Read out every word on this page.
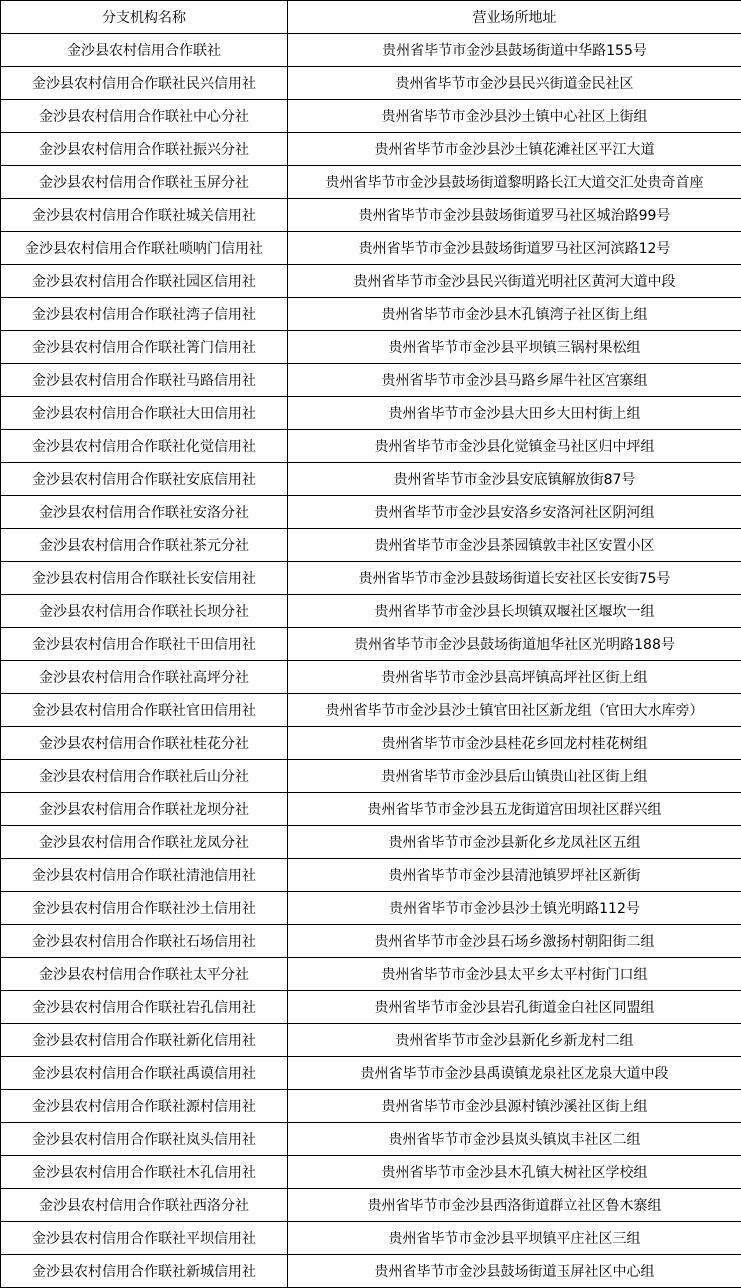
分支机构名称	营业场所地址
金沙县农村信用合作联社	贵州省毕节市金沙县鼓场街道中华路155号
金沙县农村信用合作联社民兴信用社	贵州省毕节市金沙县民兴街道金民社区
金沙县农村信用合作联社中心分社	贵州省毕节市金沙县沙土镇中心社区上街组
金沙县农村信用合作联社振兴分社	贵州省毕节市金沙县沙土镇花滩社区平江大道
金沙县农村信用合作联社玉屏分社	贵州省毕节市金沙县鼓场街道黎明路长江大道交汇处贵奇首座
金沙县农村信用合作联社城关信用社	贵州省毕节市金沙县鼓场街道罗马社区城治路99号
金沙县农村信用合作联社唢呐门信用社	贵州省毕节市金沙县鼓场街道罗马社区河滨路12号
金沙县农村信用合作联社园区信用社	贵州省毕节市金沙县民兴街道光明社区黄河大道中段
金沙县农村信用合作联社湾子信用社	贵州省毕节市金沙县木孔镇湾子社区街上组
金沙县农村信用合作联社箐门信用社	贵州省毕节市金沙县平坝镇三锅村果松组
金沙县农村信用合作联社马路信用社	贵州省毕节市金沙县马路乡犀牛社区宫寨组
金沙县农村信用合作联社大田信用社	贵州省毕节市金沙县大田乡大田村街上组
金沙县农村信用合作联社化觉信用社	贵州省毕节市金沙县化觉镇金马社区归中坪组
金沙县农村信用合作联社安底信用社	贵州省毕节市金沙县安底镇解放街87号
金沙县农村信用合作联社安洛分社	贵州省毕节市金沙县安洛乡安洛河社区阴河组
金沙县农村信用合作联社茶元分社	贵州省毕节市金沙县茶园镇敦丰社区安置小区
金沙县农村信用合作联社长安信用社	贵州省毕节市金沙县鼓场街道长安社区长安街75号
金沙县农村信用合作联社长坝分社	贵州省毕节市金沙县长坝镇双堰社区堰坎一组
金沙县农村信用合作联社干田信用社	贵州省毕节市金沙县鼓场街道旭华社区光明路188号
金沙县农村信用合作联社高坪分社	贵州省毕节市金沙县高坪镇高坪社区街上组
金沙县农村信用合作联社官田信用社	贵州省毕节市金沙县沙土镇官田社区新龙组（官田大水库旁）
金沙县农村信用合作联社桂花分社	贵州省毕节市金沙县桂花乡回龙村桂花树组
金沙县农村信用合作联社后山分社	贵州省毕节市金沙县后山镇贵山社区街上组
金沙县农村信用合作联社龙坝分社	贵州省毕节市金沙县五龙街道宫田坝社区群兴组
金沙县农村信用合作联社龙凤分社	贵州省毕节市金沙县新化乡龙凤社区五组
金沙县农村信用合作联社清池信用社	贵州省毕节市金沙县清池镇罗坪社区新街
金沙县农村信用合作联社沙土信用社	贵州省毕节市金沙县沙土镇光明路112号
金沙县农村信用合作联社石场信用社	贵州省毕节市金沙县石场乡激扬村朝阳街二组
金沙县农村信用合作联社太平分社	贵州省毕节市金沙县太平乡太平村街门口组
金沙县农村信用合作联社岩孔信用社	贵州省毕节市金沙县岩孔街道金白社区同盟组
金沙县农村信用合作联社新化信用社	贵州省毕节市金沙县新化乡新龙村二组
金沙县农村信用合作联社禹谟信用社	贵州省毕节市金沙县禹谟镇龙泉社区龙泉大道中段
金沙县农村信用合作联社源村信用社	贵州省毕节市金沙县源村镇沙溪社区街上组
金沙县农村信用合作联社岚头信用社	贵州省毕节市金沙县岚头镇岚丰社区二组
金沙县农村信用合作联社木孔信用社	贵州省毕节市金沙县木孔镇大树社区学校组
金沙县农村信用合作联社西洛分社	贵州省毕节市金沙县西洛街道群立社区鲁木寨组
金沙县农村信用合作联社平坝信用社	贵州省毕节市金沙县平坝镇平庄社区三组
金沙县农村信用合作联社新城信用社	贵州省毕节市金沙县鼓场街道玉屏社区中心组
